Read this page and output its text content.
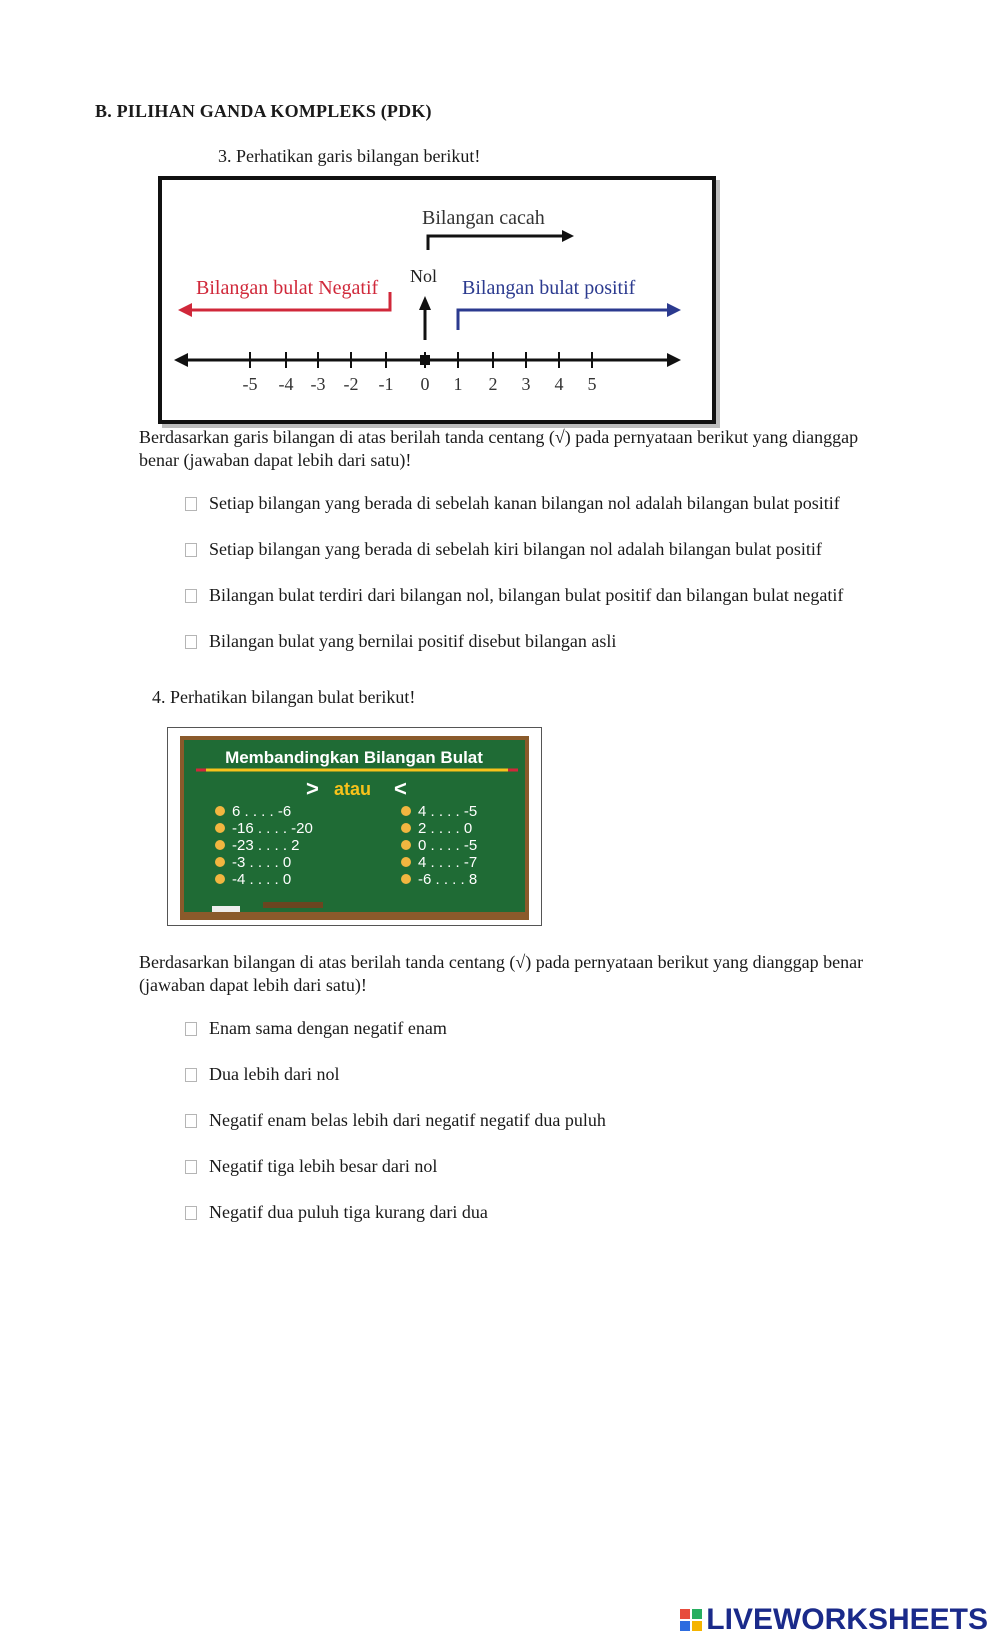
B. PILIHAN GANDA KOMPLEKS (PDK)
3. Perhatikan garis bilangan berikut!
Bilangan cacah
Bilangan bulat Negatif
Nol
Bilangan bulat positif
-5 -4 -3 -2 -1 0 1 2 3 4 5
Berdasarkan garis bilangan di atas berilah tanda centang (√) pada pernyataan berikut yang dianggap benar (jawaban dapat lebih dari satu)!
Setiap bilangan yang berada di sebelah kanan bilangan nol adalah bilangan bulat positif
Setiap bilangan yang berada di sebelah kiri bilangan nol adalah bilangan bulat positif
Bilangan bulat terdiri dari bilangan nol, bilangan bulat positif dan bilangan bulat negatif
Bilangan bulat yang bernilai positif disebut bilangan asli
4. Perhatikan bilangan bulat berikut!
Membandingkan Bilangan Bulat
> atau <
6 . . . . -6
-16 . . . . -20
-23 . . . . 2
-3 . . . . 0
-4 . . . . 0
4 . . . . -5
2 . . . . 0
0 . . . . -5
4 . . . . -7
-6 . . . . 8
Berdasarkan bilangan di atas berilah tanda centang (√) pada pernyataan berikut yang dianggap benar (jawaban dapat lebih dari satu)!
Enam sama dengan negatif enam
Dua lebih dari nol
Negatif enam belas lebih dari negatif negatif dua puluh
Negatif tiga lebih besar dari nol
Negatif dua puluh tiga kurang dari dua
LIVEWORKSHEETS
